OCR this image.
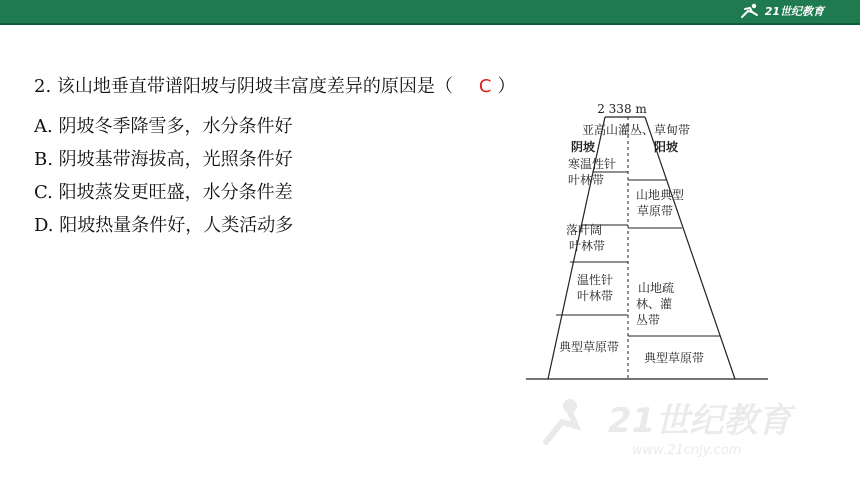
21世纪教育
2. 该山地垂直带谱阳坡与阴坡丰富度差异的原因是（ C ）
A. 阴坡冬季降雪多，水分条件好
B. 阴坡基带海拔高，光照条件好
C. 阳坡蒸发更旺盛，水分条件差
D. 阳坡热量条件好，人类活动多
2 338 m
亚高山灌丛、草甸带
阴坡	阳坡
寒温性针
叶林带
落叶阔
叶林带
温性针
叶林带
典型草原带
山地典型
草原带
山地疏
林、灌
丛带
典型草原带
21世纪教育
www.21cnjy.com
